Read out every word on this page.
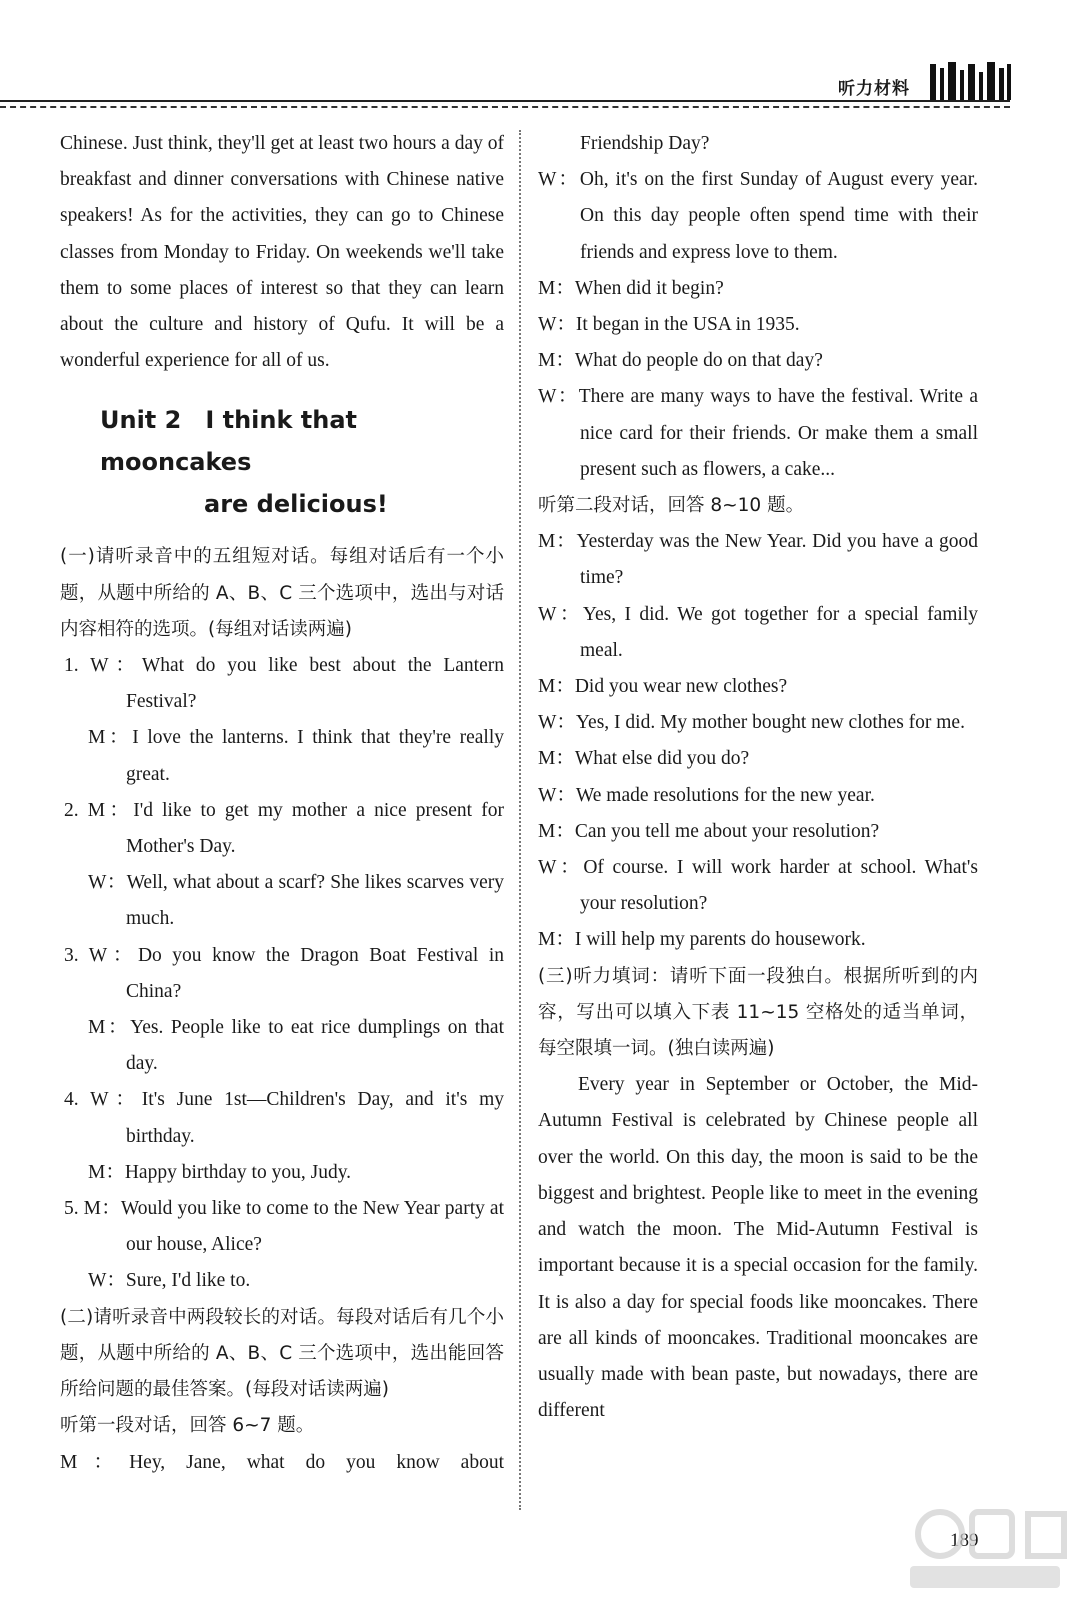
听力材料

Chinese. Just think, they'll get at least two hours a day of breakfast and dinner conversations with Chinese native speakers! As for the activities, they can go to Chinese classes from Monday to Friday. On weekends we'll take them to some places of interest so that they can learn about the culture and history of Qufu. It will be a wonderful experience for all of us.

Unit 2　I think that mooncakes
are delicious!

(一)请听录音中的五组短对话。每组对话后有一个小题，从题中所给的 A、B、C 三个选项中，选出与对话内容相符的选项。(每组对话读两遍)

1. W：What do you like best about the Lantern Festival?
M：I love the lanterns. I think that they're really great.
2. M：I'd like to get my mother a nice present for Mother's Day.
W：Well, what about a scarf? She likes scarves very much.
3. W：Do you know the Dragon Boat Festival in China?
M：Yes. People like to eat rice dumplings on that day.
4. W：It's June 1st—Children's Day, and it's my birthday.
M：Happy birthday to you, Judy.
5. M：Would you like to come to the New Year party at our house, Alice?
W：Sure, I'd like to.

(二)请听录音中两段较长的对话。每段对话后有几个小题，从题中所给的 A、B、C 三个选项中，选出能回答所给问题的最佳答案。(每段对话读两遍)

听第一段对话，回答 6~7 题。

M：Hey, Jane, what do you know about

Friendship Day?
W：Oh, it's on the first Sunday of August every year. On this day people often spend time with their friends and express love to them.
M：When did it begin?
W：It began in the USA in 1935.
M：What do people do on that day?
W：There are many ways to have the festival. Write a nice card for their friends. Or make them a small present such as flowers, a cake...

听第二段对话，回答 8~10 题。

M：Yesterday was the New Year. Did you have a good time?
W：Yes, I did. We got together for a special family meal.
M：Did you wear new clothes?
W：Yes, I did. My mother bought new clothes for me.
M：What else did you do?
W：We made resolutions for the new year.
M：Can you tell me about your resolution?
W：Of course. I will work harder at school. What's your resolution?
M：I will help my parents do housework.

(三)听力填词：请听下面一段独白。根据所听到的内容，写出可以填入下表 11~15 空格处的适当单词，每空限填一词。(独白读两遍)

Every year in September or October, the Mid-Autumn Festival is celebrated by Chinese people all over the world. On this day, the moon is said to be the biggest and brightest. People like to meet in the evening and watch the moon. The Mid-Autumn Festival is important because it is a special occasion for the family. It is also a day for special foods like mooncakes. There are all kinds of mooncakes. Traditional mooncakes are usually made with bean paste, but nowadays, there are different

189
